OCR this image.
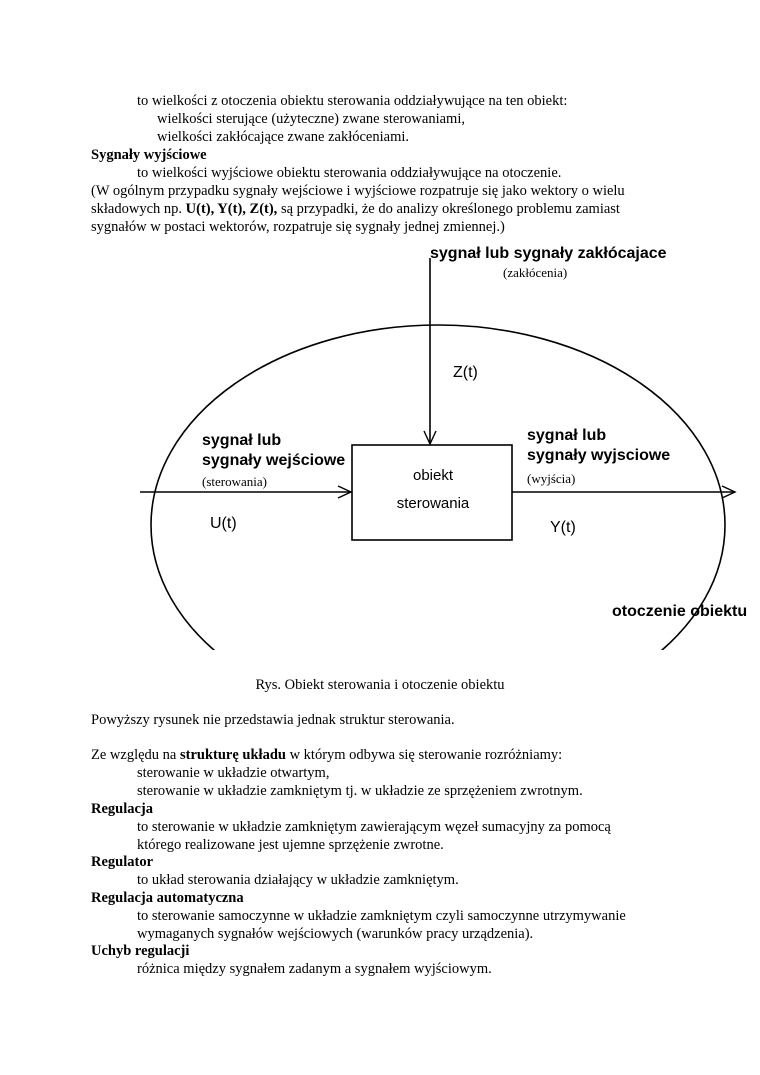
to wielkości z otoczenia obiektu sterowania oddziaływujące na ten obiekt:
wielkości sterujące (użyteczne) zwane sterowaniami,
wielkości zakłócające zwane zakłóceniami.
Sygnały wyjściowe
to wielkości wyjściowe obiektu sterowania oddziaływujące na otoczenie.
(W ogólnym przypadku sygnały wejściowe i wyjściowe rozpatruje się jako wektory o wielu
składowych np. U(t), Y(t), Z(t), są przypadki, że do analizy określonego problemu zamiast
sygnałów w postaci wektorów, rozpatruje się sygnały jednej zmiennej.)
sygnał lub sygnały zakłócajace
(zakłócenia)
Z(t)
sygnał lub
sygnały wejściowe
(sterowania)
U(t)
obiekt
sterowania
sygnał lub
sygnały wyjsciowe
(wyjścia)
Y(t)
otoczenie obiektu
Rys. Obiekt sterowania i otoczenie obiektu
Powyższy rysunek nie przedstawia jednak struktur sterowania.
Ze względu na strukturę układu w którym odbywa się sterowanie rozróżniamy:
sterowanie w układzie otwartym,
sterowanie w układzie zamkniętym tj. w układzie ze sprzężeniem zwrotnym.
Regulacja
to sterowanie w układzie zamkniętym zawierającym węzeł sumacyjny za pomocą
którego realizowane jest ujemne sprzężenie zwrotne.
Regulator
to układ sterowania działający w układzie zamkniętym.
Regulacja automatyczna
to sterowanie samoczynne w układzie zamkniętym czyli samoczynne utrzymywanie
wymaganych sygnałów wejściowych (warunków pracy urządzenia).
Uchyb regulacji
różnica między sygnałem zadanym a sygnałem wyjściowym.
